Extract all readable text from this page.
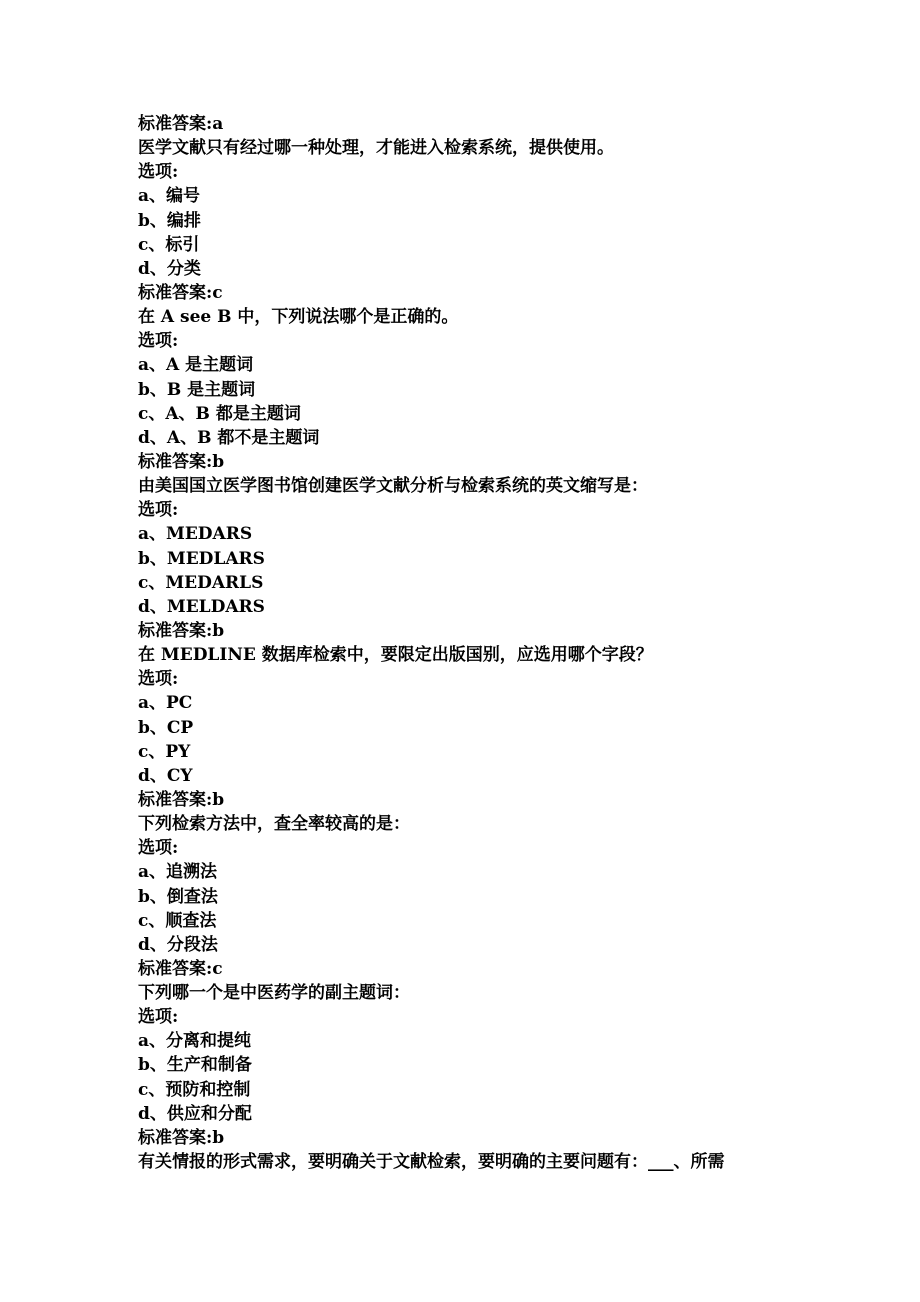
标准答案:a
医学文献只有经过哪一种处理，才能进入检索系统，提供使用。
选项:
a、编号
b、编排
c、标引
d、分类
标准答案:c
在 A see B 中，下列说法哪个是正确的。
选项:
a、A 是主题词
b、B 是主题词
c、A、B 都是主题词
d、A、B 都不是主题词
标准答案:b
由美国国立医学图书馆创建医学文献分析与检索系统的英文缩写是：
选项:
a、MEDARS
b、MEDLARS
c、MEDARLS
d、MELDARS
标准答案:b
在 MEDLINE 数据库检索中，要限定出版国别，应选用哪个字段？
选项:
a、PC
b、CP
c、PY
d、CY
标准答案:b
下列检索方法中，查全率较高的是：
选项:
a、追溯法
b、倒查法
c、顺查法
d、分段法
标准答案:c
下列哪一个是中医药学的副主题词：
选项:
a、分离和提纯
b、生产和制备
c、预防和控制
d、供应和分配
标准答案:b
有关情报的形式需求，要明确关于文献检索，要明确的主要问题有：___、所需
